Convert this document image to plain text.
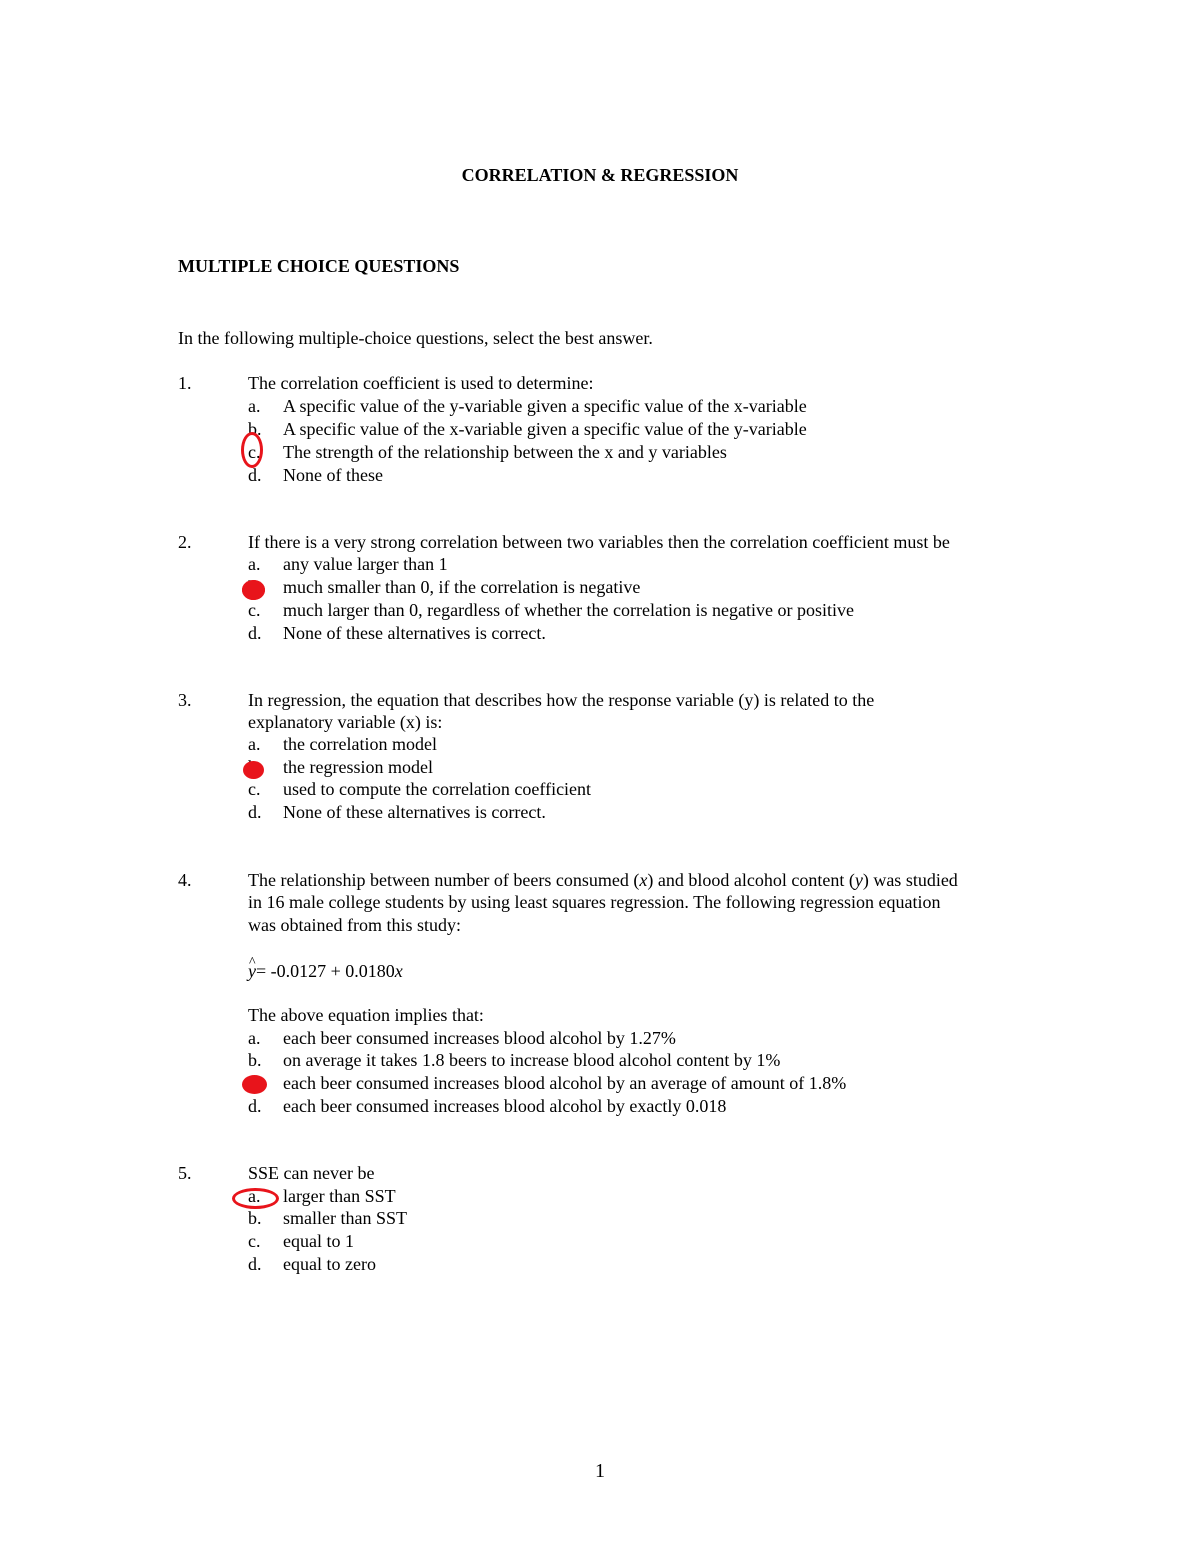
CORRELATION & REGRESSION
MULTIPLE CHOICE QUESTIONS
In the following multiple-choice questions, select the best answer.
1.	The correlation coefficient is used to determine:
a. A specific value of the y-variable given a specific value of the x-variable
b. A specific value of the x-variable given a specific value of the y-variable
c. The strength of the relationship between the x and y variables
d. None of these
2.	If there is a very strong correlation between two variables then the correlation coefficient must be
a. any value larger than 1
much smaller than 0, if the correlation is negative
c. much larger than 0, regardless of whether the correlation is negative or positive
d. None of these alternatives is correct.
3.	In regression, the equation that describes how the response variable (y) is related to the
explanatory variable (x) is:
a. the correlation model
the regression model
c. used to compute the correlation coefficient
d. None of these alternatives is correct.
4.	The relationship between number of beers consumed (x) and blood alcohol content (y) was studied
in 16 male college students by using least squares regression. The following regression equation
was obtained from this study:
^ y= -0.0127 + 0.0180x
The above equation implies that:
a. each beer consumed increases blood alcohol by 1.27%
b. on average it takes 1.8 beers to increase blood alcohol content by 1%
each beer consumed increases blood alcohol by an average of amount of 1.8%
d. each beer consumed increases blood alcohol by exactly 0.018
5.	SSE can never be
a. larger than SST
b. smaller than SST
c. equal to 1
d. equal to zero
1
